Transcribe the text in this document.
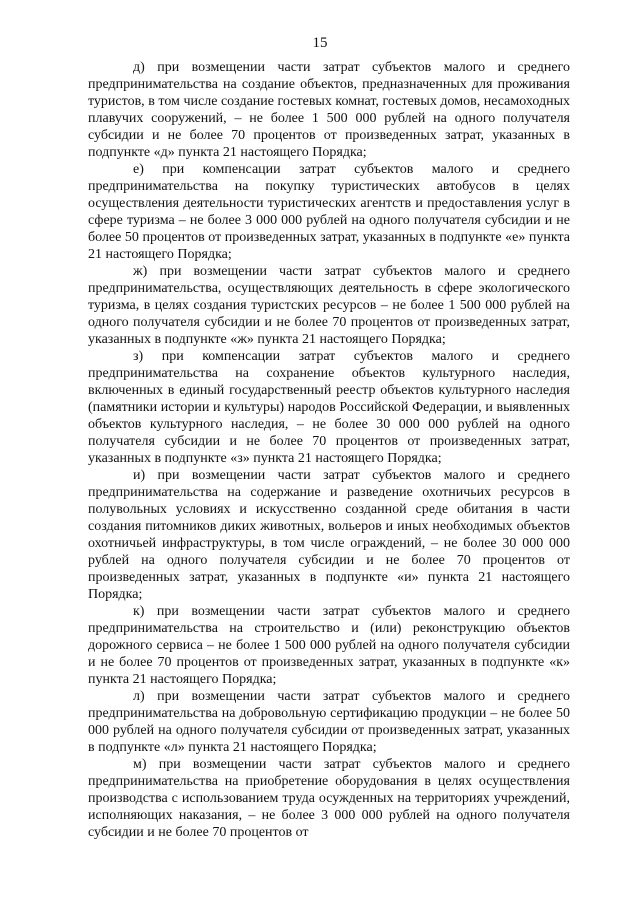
15

д) при возмещении части затрат субъектов малого и среднего предпринимательства на создание объектов, предназначенных для проживания туристов, в том числе создание гостевых комнат, гостевых домов, несамоходных плавучих сооружений, – не более 1 500 000 рублей на одного получателя субсидии и не более 70 процентов от произведенных затрат, указанных в подпункте «д» пункта 21 настоящего Порядка;

е) при компенсации затрат субъектов малого и среднего предпринимательства на покупку туристических автобусов в целях осуществления деятельности туристических агентств и предоставления услуг в сфере туризма – не более 3 000 000 рублей на одного получателя субсидии и не более 50 процентов от произведенных затрат, указанных в подпункте «е» пункта 21 настоящего Порядка;

ж) при возмещении части затрат субъектов малого и среднего предпринимательства, осуществляющих деятельность в сфере экологического туризма, в целях создания туристских ресурсов – не более 1 500 000 рублей на одного получателя субсидии и не более 70 процентов от произведенных затрат, указанных в подпункте «ж» пункта 21 настоящего Порядка;

з) при компенсации затрат субъектов малого и среднего предпринимательства на сохранение объектов культурного наследия, включенных в единый государственный реестр объектов культурного наследия (памятники истории и культуры) народов Российской Федерации, и выявленных объектов культурного наследия, – не более 30 000 000 рублей на одного получателя субсидии и не более 70 процентов от произведенных затрат, указанных в подпункте «з» пункта 21 настоящего Порядка;

и) при возмещении части затрат субъектов малого и среднего предпринимательства на содержание и разведение охотничьих ресурсов в полувольных условиях и искусственно созданной среде обитания в части создания питомников диких животных, вольеров и иных необходимых объектов охотничьей инфраструктуры, в том числе ограждений, – не более 30 000 000 рублей на одного получателя субсидии и не более 70 процентов от произведенных затрат, указанных в подпункте «и» пункта 21 настоящего Порядка;

к) при возмещении части затрат субъектов малого и среднего предпринимательства на строительство и (или) реконструкцию объектов дорожного сервиса – не более 1 500 000 рублей на одного получателя субсидии и не более 70 процентов от произведенных затрат, указанных в подпункте «к» пункта 21 настоящего Порядка;

л) при возмещении части затрат субъектов малого и среднего предпринимательства на добровольную сертификацию продукции – не более 50 000 рублей на одного получателя субсидии от произведенных затрат, указанных в подпункте «л» пункта 21 настоящего Порядка;

м) при возмещении части затрат субъектов малого и среднего предпринимательства на приобретение оборудования в целях осуществления производства с использованием труда осужденных на территориях учреждений, исполняющих наказания, – не более 3 000 000 рублей на одного получателя субсидии и не более 70 процентов от
